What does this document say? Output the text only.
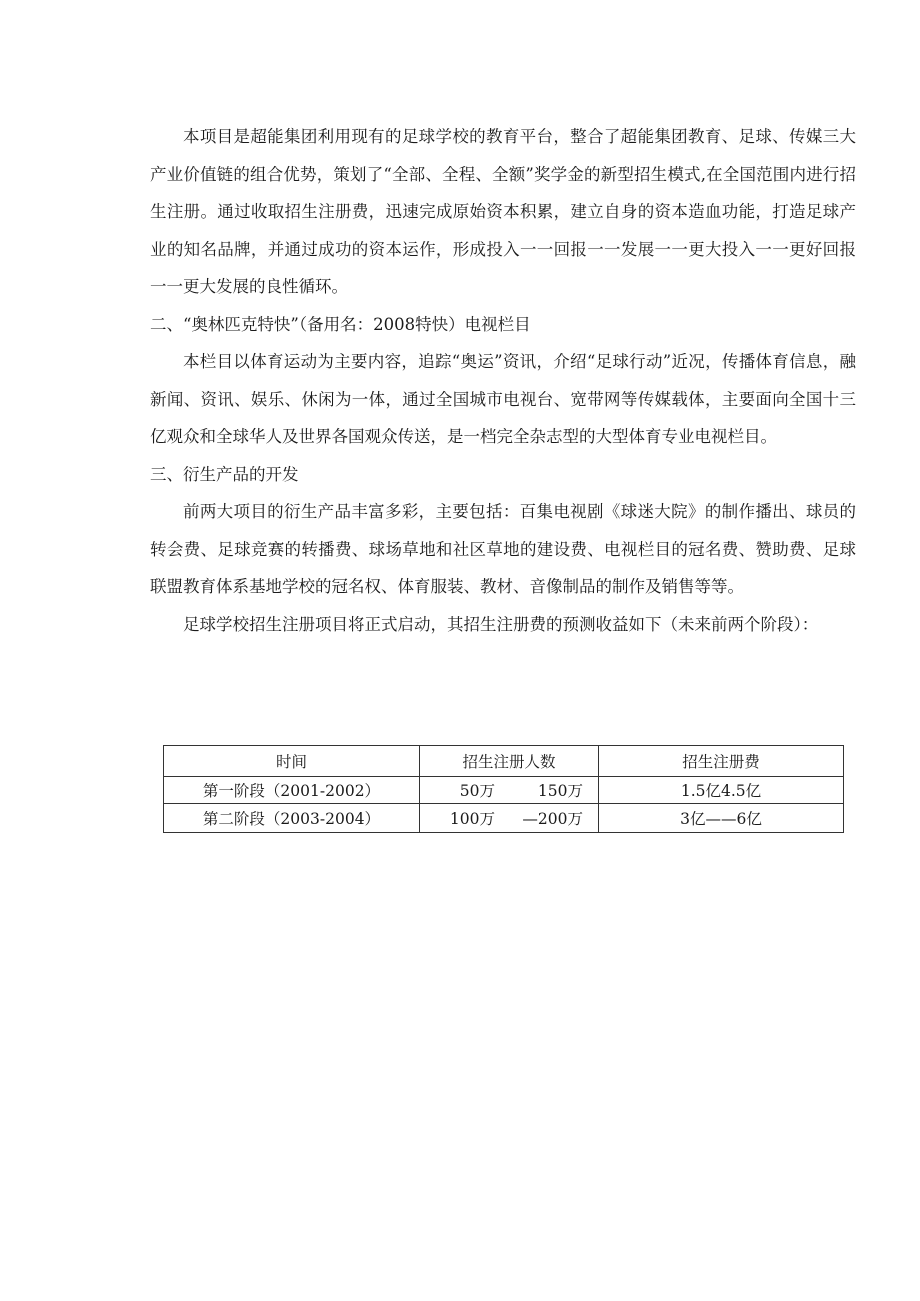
本项目是超能集团利用现有的足球学校的教育平台，整合了超能集团教育、足球、传媒三大产业价值链的组合优势，策划了“全部、全程、全额”奖学金的新型招生模式,在全国范围内进行招生注册。通过收取招生注册费，迅速完成原始资本积累，建立自身的资本造血功能，打造足球产业的知名品牌，并通过成功的资本运作，形成投入一一回报一一发展一一更大投入一一更好回报一一更大发展的良性循环。

二、“奥林匹克特快”（备用名：2008特快）电视栏目

本栏目以体育运动为主要内容，追踪“奥运”资讯，介绍“足球行动”近况，传播体育信息，融新闻、资讯、娱乐、休闲为一体，通过全国城市电视台、宽带网等传媒载体，主要面向全国十三亿观众和全球华人及世界各国观众传送，是一档完全杂志型的大型体育专业电视栏目。

三、衍生产品的开发

前两大项目的衍生产品丰富多彩，主要包括：百集电视剧《球迷大院》的制作播出、球员的转会费、足球竞赛的转播费、球场草地和社区草地的建设费、电视栏目的冠名费、赞助费、足球联盟教育体系基地学校的冠名权、体育服装、教材、音像制品的制作及销售等等。

足球学校招生注册项目将正式启动，其招生注册费的预测收益如下（未来前两个阶段）：

时间	招生注册人数	招生注册费
第一阶段（2001-2002）	50万 150万	1.5亿4.5亿
第二阶段（2003-2004）	100万 —200万	3亿——6亿
